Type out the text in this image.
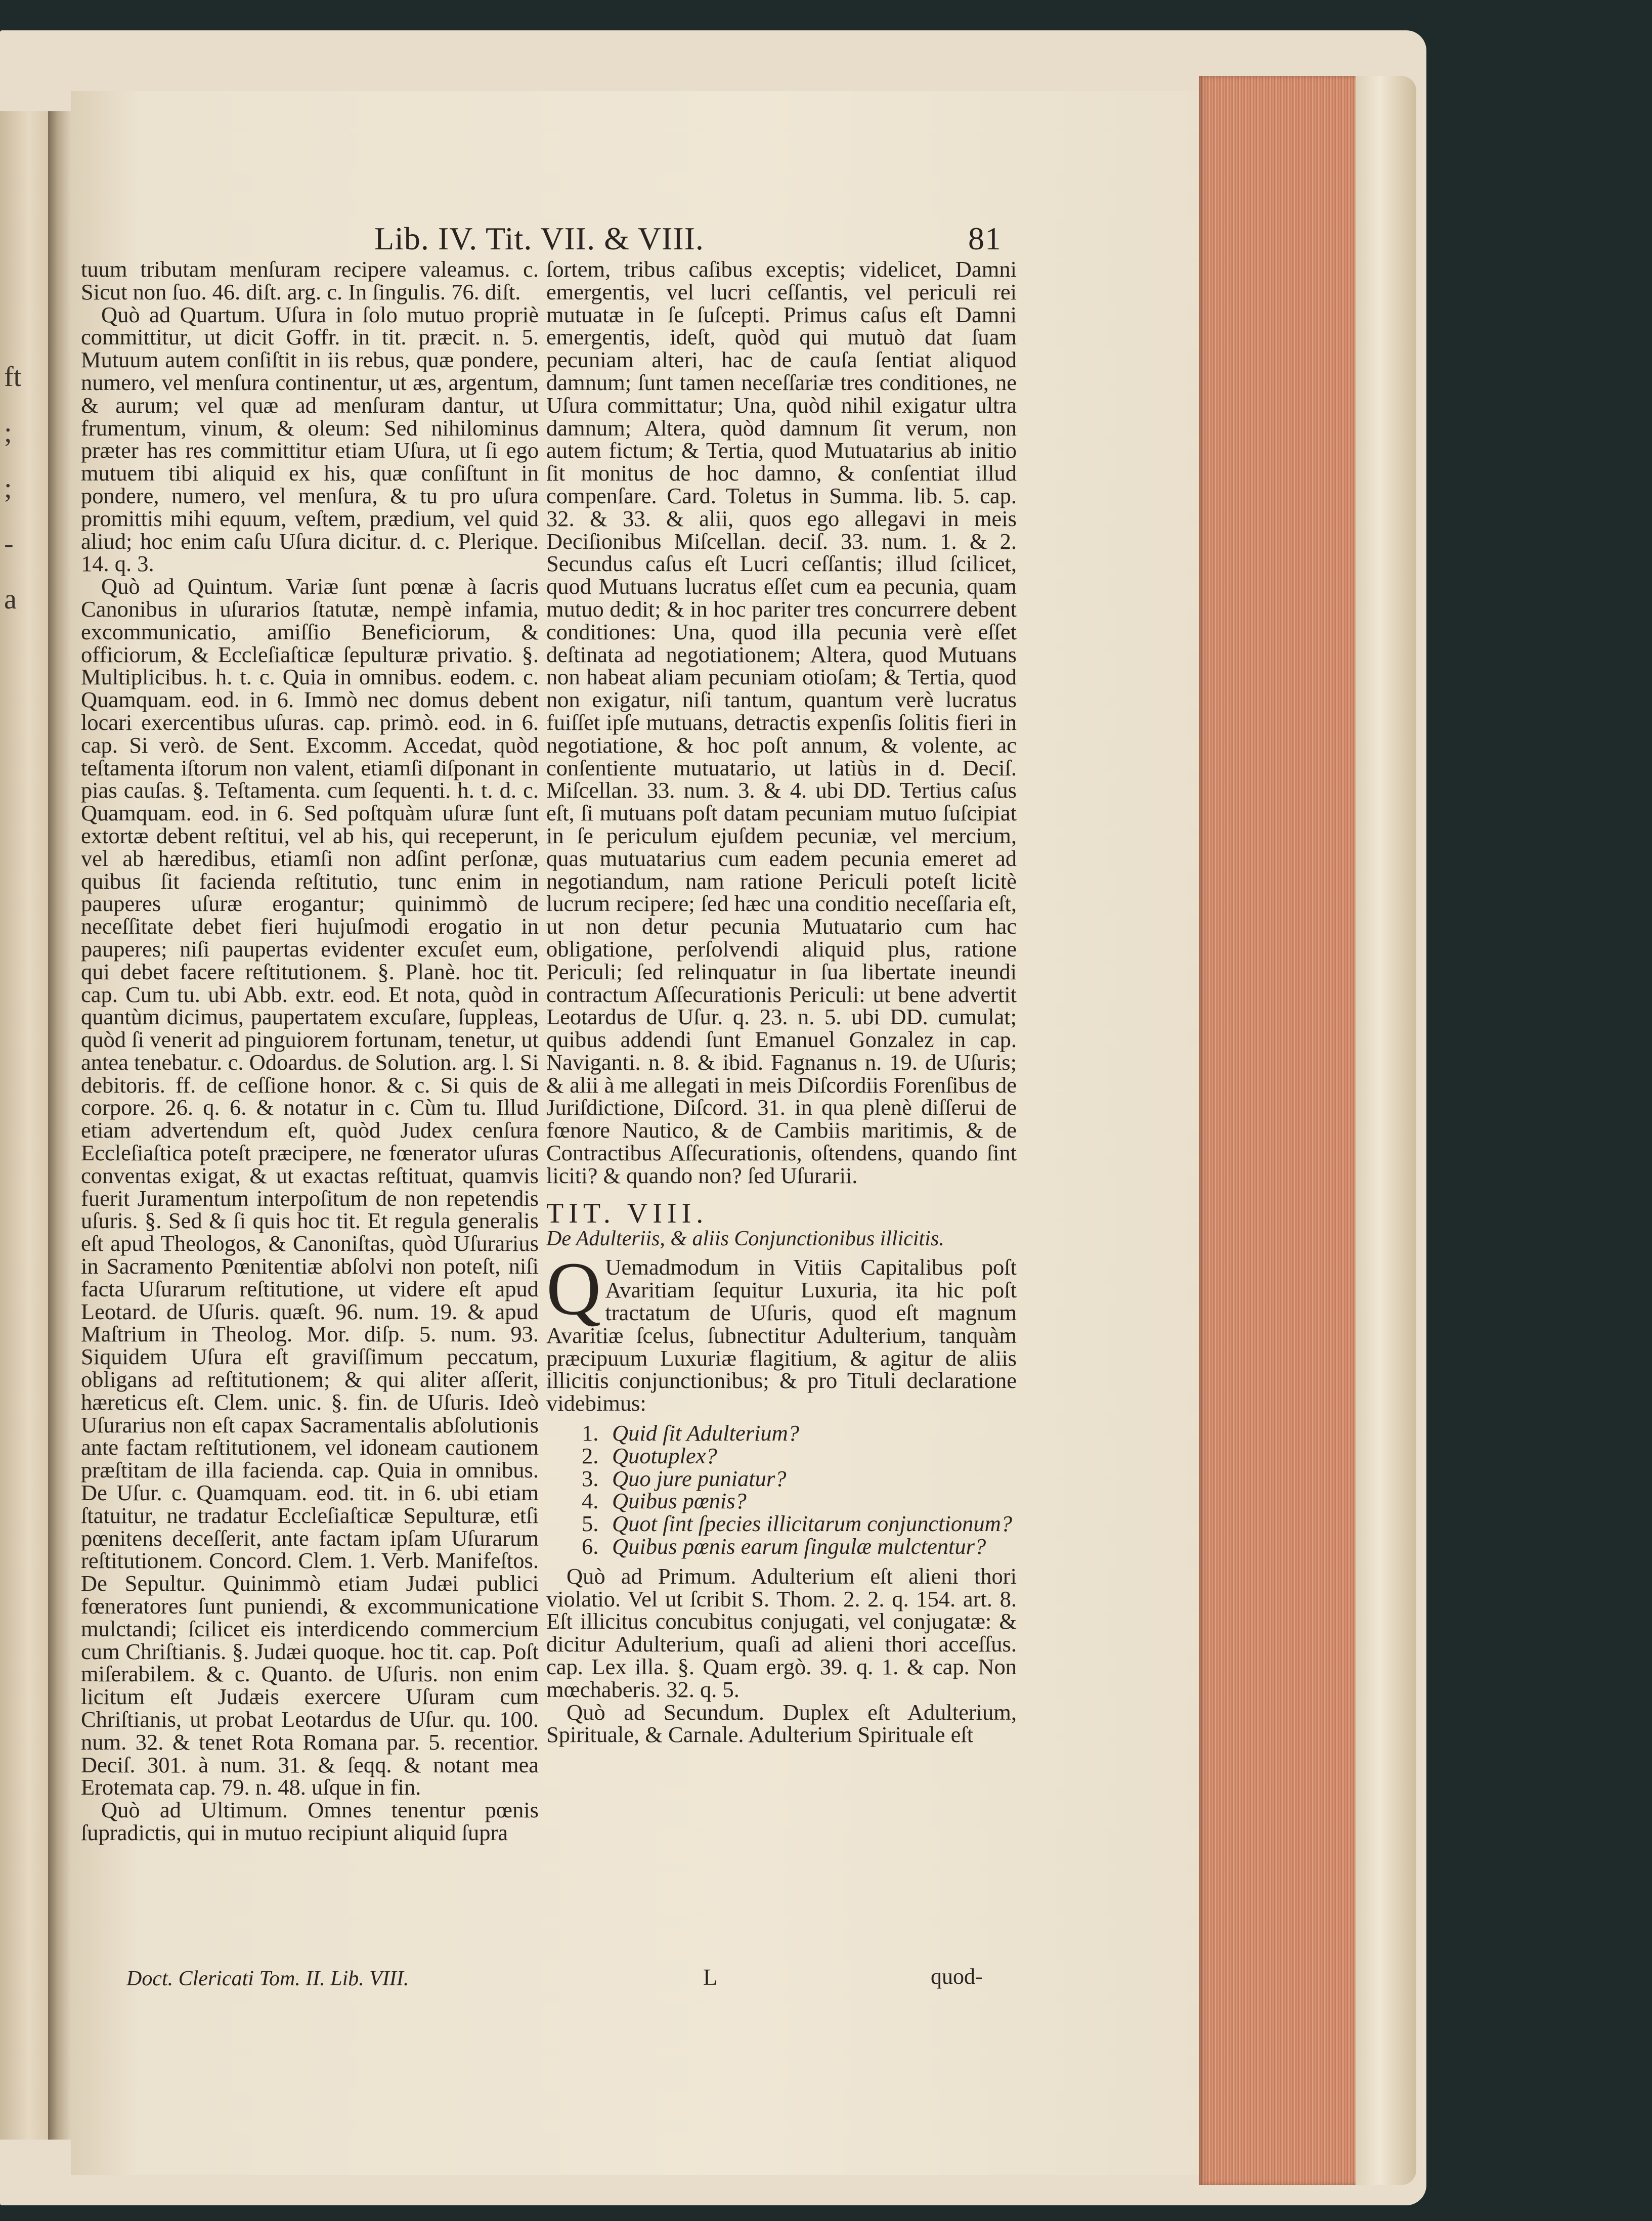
ft
;
;
-
a
Lib. IV. Tit. VII. & VIII.	81

tuum tributam menſuram recipere valeamus. c. Sicut non ſuo. 46. diſt. arg. c. In ſingulis. 76. diſt.

Quò ad Quartum. Uſura in ſolo mutuo propriè committitur, ut dicit Goffr. in tit. præcit. n. 5. Mutuum autem conſiſtit in iis rebus, quæ pondere, numero, vel menſura continentur, ut æs, argentum, & aurum; vel quæ ad menſuram dantur, ut frumentum, vinum, & oleum: Sed nihilominus præter has res committitur etiam Uſura, ut ſi ego mutuem tibi aliquid ex his, quæ conſiſtunt in pondere, numero, vel menſura, & tu pro uſura promittis mihi equum, veſtem, prædium, vel quid aliud; hoc enim caſu Uſura dicitur. d. c. Plerique. 14. q. 3.

Quò ad Quintum. Variæ ſunt pœnæ à ſacris Canonibus in uſurarios ſtatutæ, nempè infamia, excommunicatio, amiſſio Beneficiorum, & officiorum, & Eccleſiaſticæ ſepulturæ privatio. §. Multiplicibus. h. t. c. Quia in omnibus. eodem. c. Quamquam. eod. in 6. Immò nec domus debent locari exercentibus uſuras. cap. primò. eod. in 6. cap. Si verò. de Sent. Excomm. Accedat, quòd teſtamenta iſtorum non valent, etiamſi diſponant in pias cauſas. §. Teſtamenta. cum ſequenti. h. t. d. c. Quamquam. eod. in 6. Sed poſtquàm uſuræ ſunt extortæ debent reſtitui, vel ab his, qui receperunt, vel ab hæredibus, etiamſi non adſint perſonæ, quibus ſit facienda reſtitutio, tunc enim in pauperes uſuræ erogantur; quinimmò de neceſſitate debet fieri hujuſmodi erogatio in pauperes; niſi paupertas evidenter excuſet eum, qui debet facere reſtitutionem. §. Planè. hoc tit. cap. Cum tu. ubi Abb. extr. eod. Et nota, quòd in quantùm dicimus, paupertatem excuſare, ſuppleas, quòd ſi venerit ad pinguiorem fortunam, tenetur, ut antea tenebatur. c. Odoardus. de Solution. arg. l. Si debitoris. ff. de ceſſione honor. & c. Si quis de corpore. 26. q. 6. & notatur in c. Cùm tu. Illud etiam advertendum eſt, quòd Judex cenſura Eccleſiaſtica poteſt præcipere, ne fœnerator uſuras conventas exigat, & ut exactas reſtituat, quamvis fuerit Juramentum interpoſitum de non repetendis uſuris. §. Sed & ſi quis hoc tit. Et regula generalis eſt apud Theologos, & Canoniſtas, quòd Uſurarius in Sacramento Pœnitentiæ abſolvi non poteſt, niſi facta Uſurarum reſtitutione, ut videre eſt apud Leotard. de Uſuris. quæſt. 96. num. 19. & apud Maſtrium in Theolog. Mor. diſp. 5. num. 93. Siquidem Uſura eſt graviſſimum peccatum, obligans ad reſtitutionem; & qui aliter aſſerit, hæreticus eſt. Clem. unic. §. fin. de Uſuris. Ideò Uſurarius non eſt capax Sacramentalis abſolutionis ante factam reſtitutionem, vel idoneam cautionem præſtitam de illa facienda. cap. Quia in omnibus. De Uſur. c. Quamquam. eod. tit. in 6. ubi etiam ſtatuitur, ne tradatur Eccleſiaſticæ Sepulturæ, etſi pœnitens deceſſerit, ante factam ipſam Uſurarum reſtitutionem. Concord. Clem. 1. Verb. Manifeſtos. De Sepultur. Quinimmò etiam Judæi publici fœneratores ſunt puniendi, & excommunicatione mulctandi; ſcilicet eis interdicendo commercium cum Chriſtianis. §. Judæi quoque. hoc tit. cap. Poſt miſerabilem. & c. Quanto. de Uſuris. non enim licitum eſt Judæis exercere Uſuram cum Chriſtianis, ut probat Leotardus de Uſur. qu. 100. num. 32. & tenet Rota Romana par. 5. recentior. Deciſ. 301. à num. 31. & ſeqq. & notant mea Erotemata cap. 79. n. 48. uſque in fin.

Quò ad Ultimum. Omnes tenentur pœnis ſupradictis, qui in mutuo recipiunt aliquid ſupra

ſortem, tribus caſibus exceptis; videlicet, Damni emergentis, vel lucri ceſſantis, vel periculi rei mutuatæ in ſe ſuſcepti. Primus caſus eſt Damni emergentis, ideſt, quòd qui mutuò dat ſuam pecuniam alteri, hac de cauſa ſentiat aliquod damnum; ſunt tamen neceſſariæ tres conditiones, ne Uſura committatur; Una, quòd nihil exigatur ultra damnum; Altera, quòd damnum ſit verum, non autem fictum; & Tertia, quod Mutuatarius ab initio ſit monitus de hoc damno, & conſentiat illud compenſare. Card. Toletus in Summa. lib. 5. cap. 32. & 33. & alii, quos ego allegavi in meis Deciſionibus Miſcellan. deciſ. 33. num. 1. & 2. Secundus caſus eſt Lucri ceſſantis; illud ſcilicet, quod Mutuans lucratus eſſet cum ea pecunia, quam mutuo dedit; & in hoc pariter tres concurrere debent conditiones: Una, quod illa pecunia verè eſſet deſtinata ad negotiationem; Altera, quod Mutuans non habeat aliam pecuniam otioſam; & Tertia, quod non exigatur, niſi tantum, quantum verè lucratus fuiſſet ipſe mutuans, detractis expenſis ſolitis fieri in negotiatione, & hoc poſt annum, & volente, ac conſentiente mutuatario, ut latiùs in d. Deciſ. Miſcellan. 33. num. 3. & 4. ubi DD. Tertius caſus eſt, ſi mutuans poſt datam pecuniam mutuo ſuſcipiat in ſe periculum ejuſdem pecuniæ, vel mercium, quas mutuatarius cum eadem pecunia emeret ad negotiandum, nam ratione Periculi poteſt licitè lucrum recipere; ſed hæc una conditio neceſſaria eſt, ut non detur pecunia Mutuatario cum hac obligatione, perſolvendi aliquid plus, ratione Periculi; ſed relinquatur in ſua libertate ineundi contractum Aſſecurationis Periculi: ut bene advertit Leotardus de Uſur. q. 23. n. 5. ubi DD. cumulat; quibus addendi ſunt Emanuel Gonzalez in cap. Naviganti. n. 8. & ibid. Fagnanus n. 19. de Uſuris; & alii à me allegati in meis Diſcordiis Forenſibus de Juriſdictione, Diſcord. 31. in qua plenè diſſerui de fœnore Nautico, & de Cambiis maritimis, & de Contractibus Aſſecurationis, oſtendens, quando ſint liciti? & quando non? ſed Uſurarii.

TIT. VIII.
De Adulteriis, & aliis Conjunctionibus illicitis.

Q Uemadmodum in Vitiis Capitalibus poſt Avaritiam ſequitur Luxuria, ita hic poſt tractatum de Uſuris, quod eſt magnum Avaritiæ ſcelus, ſubnectitur Adulterium, tanquàm præcipuum Luxuriæ flagitium, & agitur de aliis illicitis conjunctionibus; & pro Tituli declaratione videbimus:

1. Quid ſit Adulterium?
2. Quotuplex?
3. Quo jure puniatur?
4. Quibus pœnis?
5. Quot ſint ſpecies illicitarum conjunctionum?
6. Quibus pœnis earum ſingulæ mulctentur?

Quò ad Primum. Adulterium eſt alieni thori violatio. Vel ut ſcribit S. Thom. 2. 2. q. 154. art. 8. Eſt illicitus concubitus conjugati, vel conjugatæ: & dicitur Adulterium, quaſi ad alieni thori acceſſus. cap. Lex illa. §. Quam ergò. 39. q. 1. & cap. Non mœchaberis. 32. q. 5.

Quò ad Secundum. Duplex eſt Adulterium, Spirituale, & Carnale. Adulterium Spirituale eſt

Doct. Clericati Tom. II. Lib. VIII.	L	quod-
